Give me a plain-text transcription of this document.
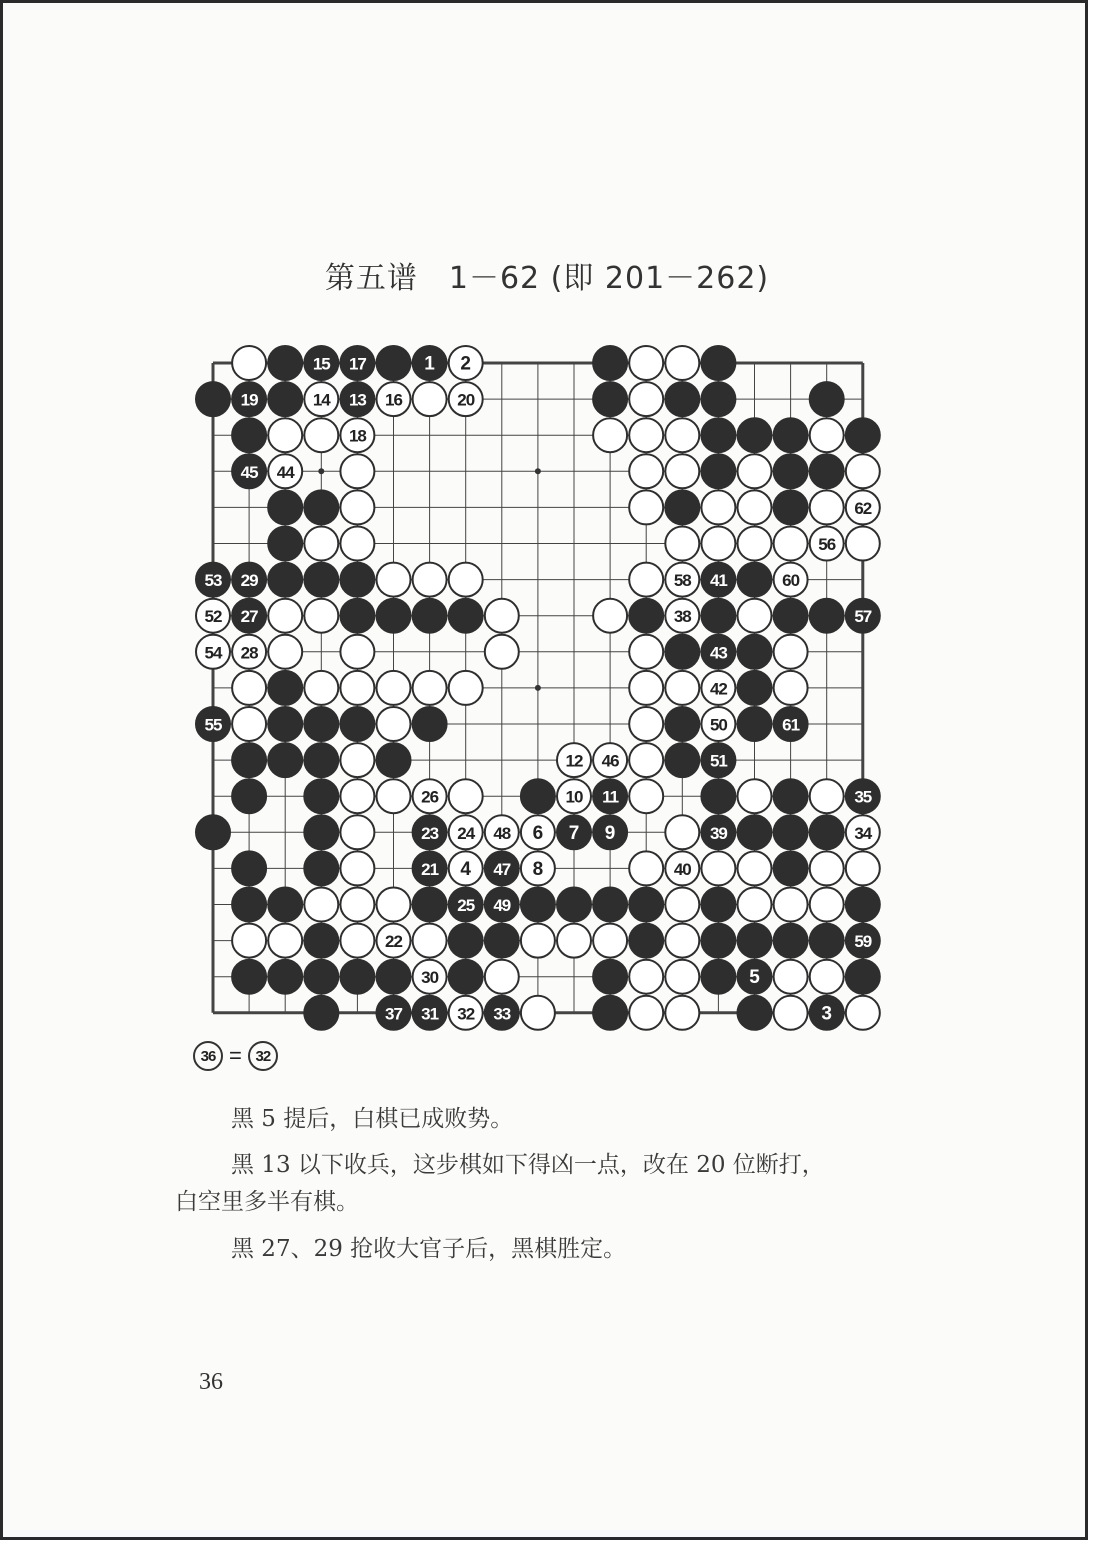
第五谱　1－62 (即 201－262)
15 17	1 2
19	14 13 16	20
18
45 44
62
56
53 29	58 41	60
52 27	38	57
54 28	43
42
55	50	61
12 46	51
26	10 11	35
23 24 48 6 7 9	39	34
21 4 47 8	40
25 49
22	59
30	5
37 31 32 33	3
36 = 32
黑 5 提后，白棋已成败势。
黑 13 以下收兵，这步棋如下得凶一点，改在 20 位断打，
白空里多半有棋。
黑 27、29 抢收大官子后，黑棋胜定。
36
